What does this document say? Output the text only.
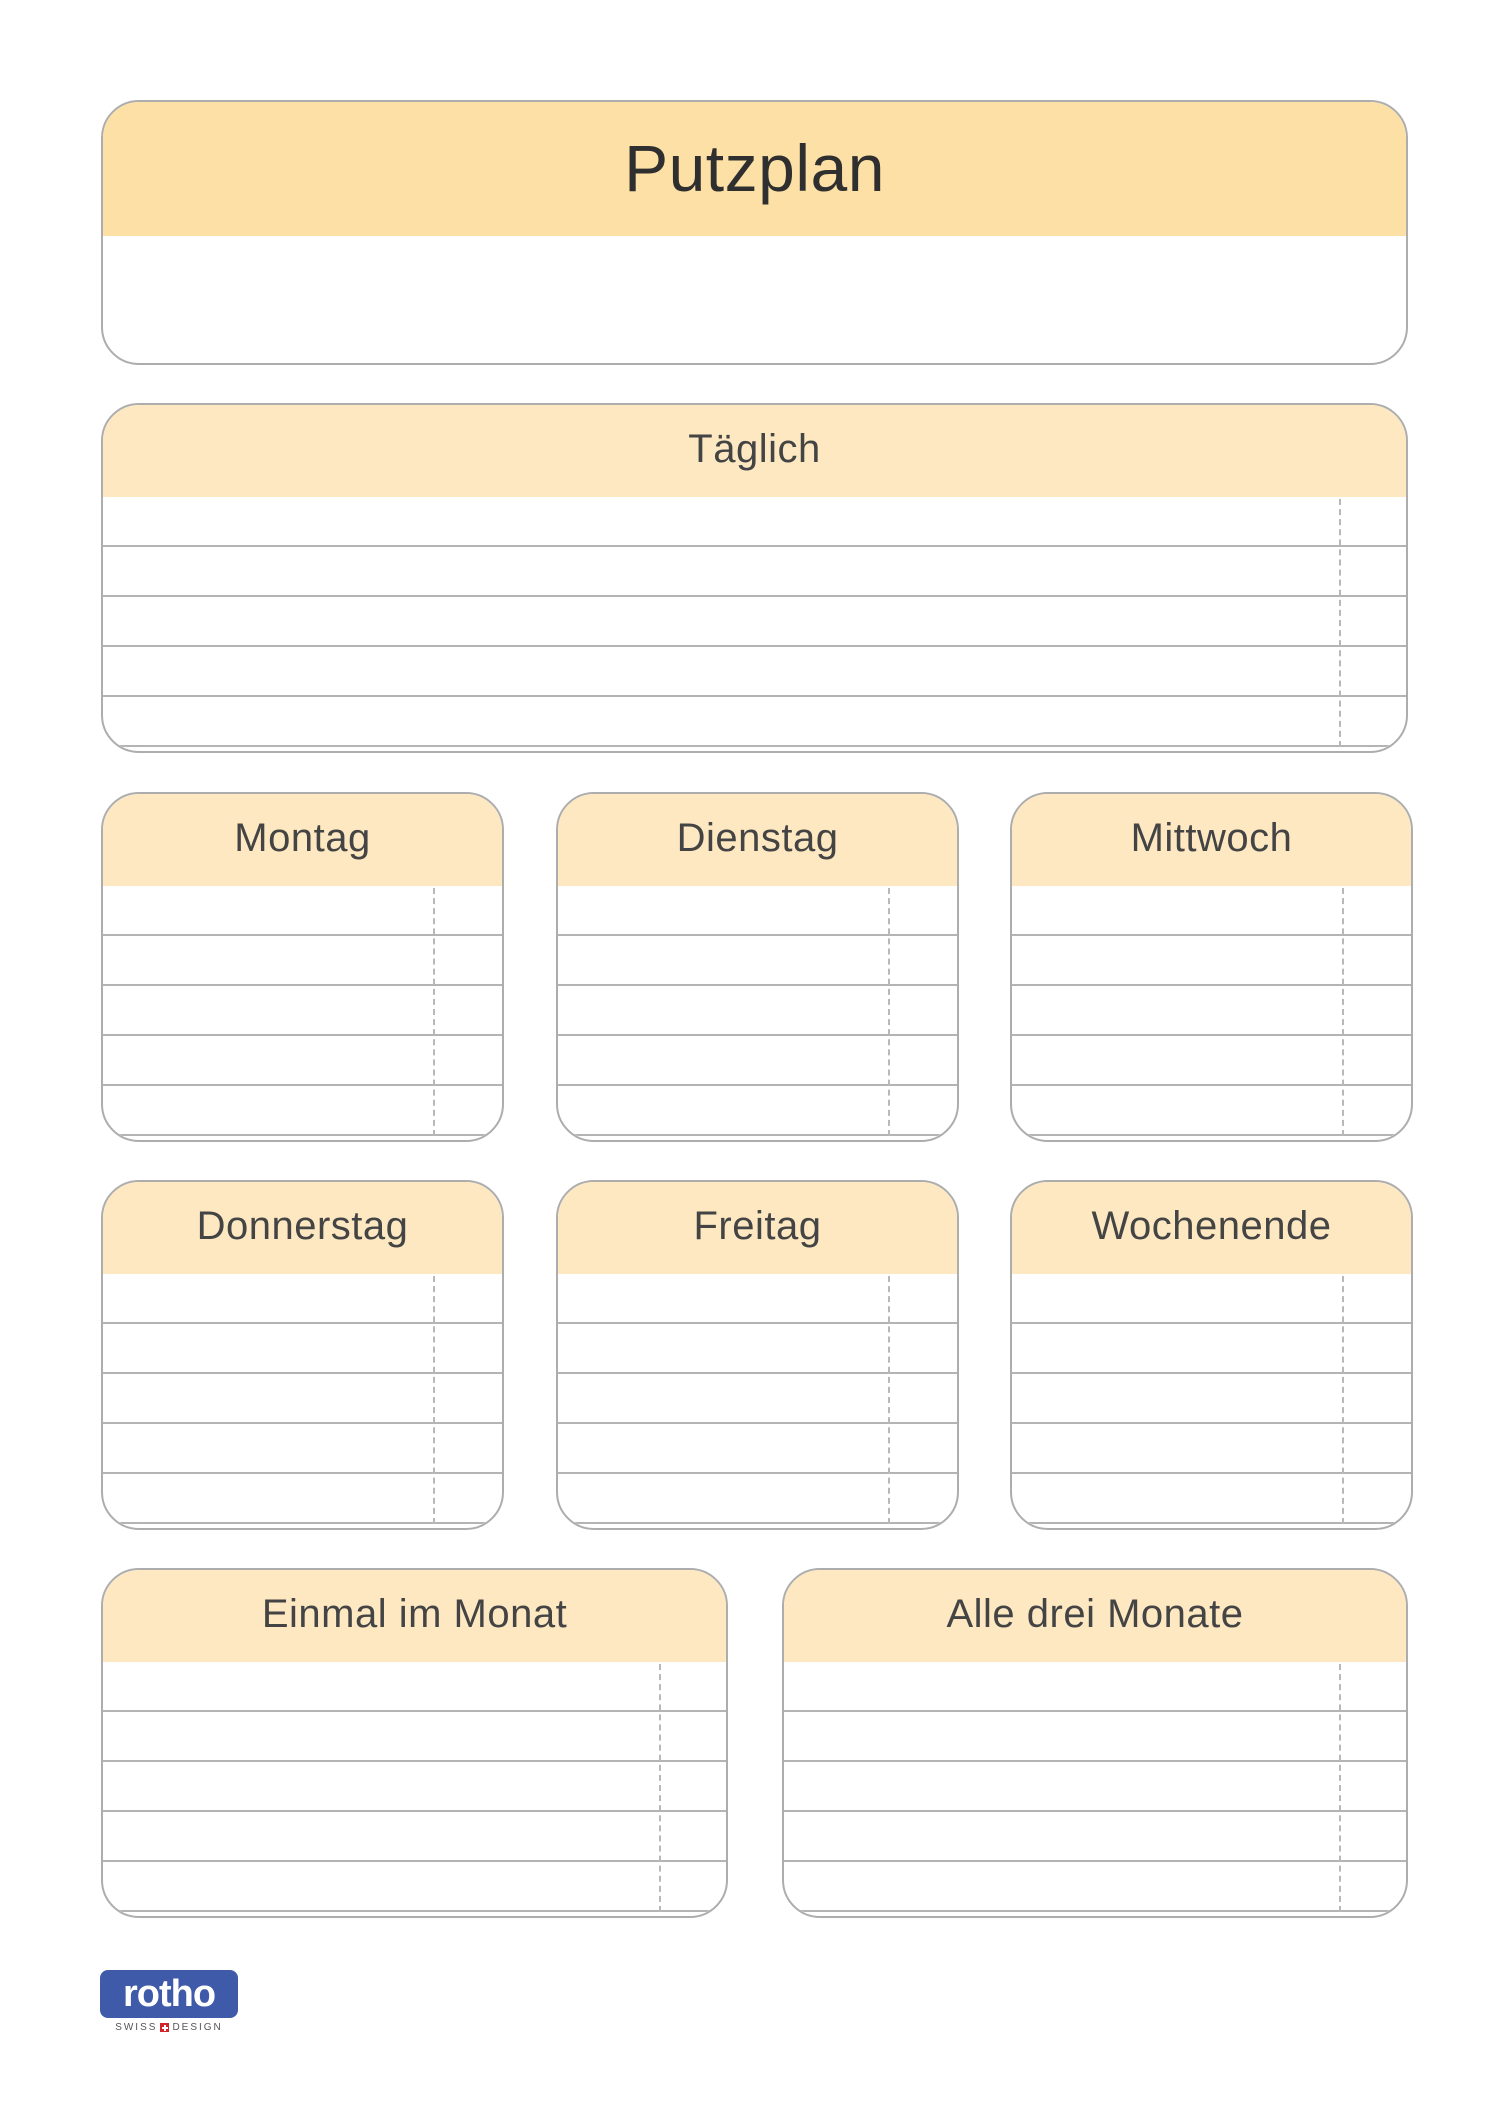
Putzplan
Täglich
Montag	Dienstag	Mittwoch
Donnerstag	Freitag	Wochenende
Einmal im Monat	Alle drei Monate
rotho
SWISS DESIGN
